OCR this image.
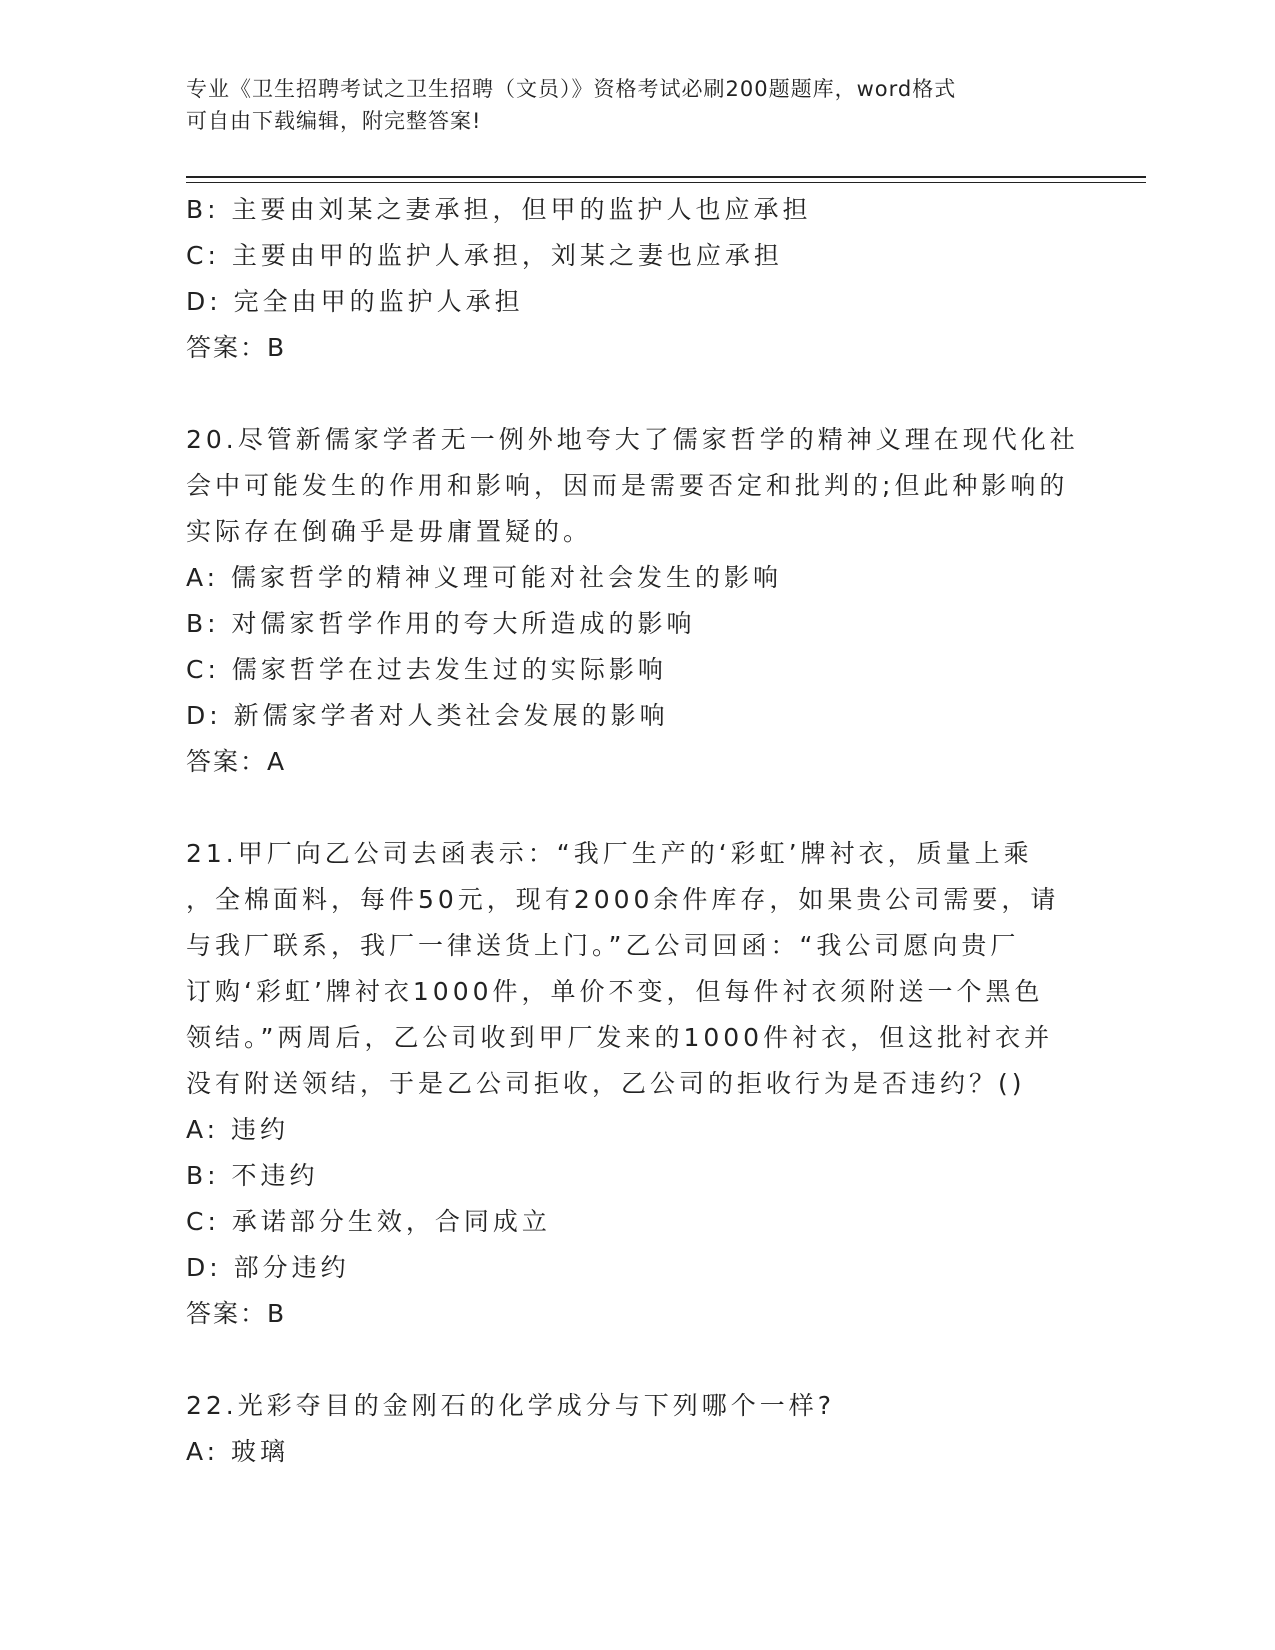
专业《卫生招聘考试之卫生招聘（文员）》资格考试必刷200题题库，word格式
可自由下载编辑，附完整答案!
B: 主要由刘某之妻承担，但甲的监护人也应承担
C: 主要由甲的监护人承担，刘某之妻也应承担
D: 完全由甲的监护人承担
答案：B
20.尽管新儒家学者无一例外地夸大了儒家哲学的精神义理在现代化社
会中可能发生的作用和影响，因而是需要否定和批判的;但此种影响的
实际存在倒确乎是毋庸置疑的。
A: 儒家哲学的精神义理可能对社会发生的影响
B: 对儒家哲学作用的夸大所造成的影响
C: 儒家哲学在过去发生过的实际影响
D: 新儒家学者对人类社会发展的影响
答案：A
21.甲厂向乙公司去函表示：“我厂生产的‘彩虹’牌衬衣，质量上乘
，全棉面料，每件50元，现有2000余件库存，如果贵公司需要，请
与我厂联系，我厂一律送货上门。”乙公司回函：“我公司愿向贵厂
订购‘彩虹’牌衬衣1000件，单价不变，但每件衬衣须附送一个黑色
领结。”两周后，乙公司收到甲厂发来的1000件衬衣，但这批衬衣并
没有附送领结，于是乙公司拒收，乙公司的拒收行为是否违约？()
A: 违约
B: 不违约
C: 承诺部分生效，合同成立
D: 部分违约
答案：B
22.光彩夺目的金刚石的化学成分与下列哪个一样?
A: 玻璃
